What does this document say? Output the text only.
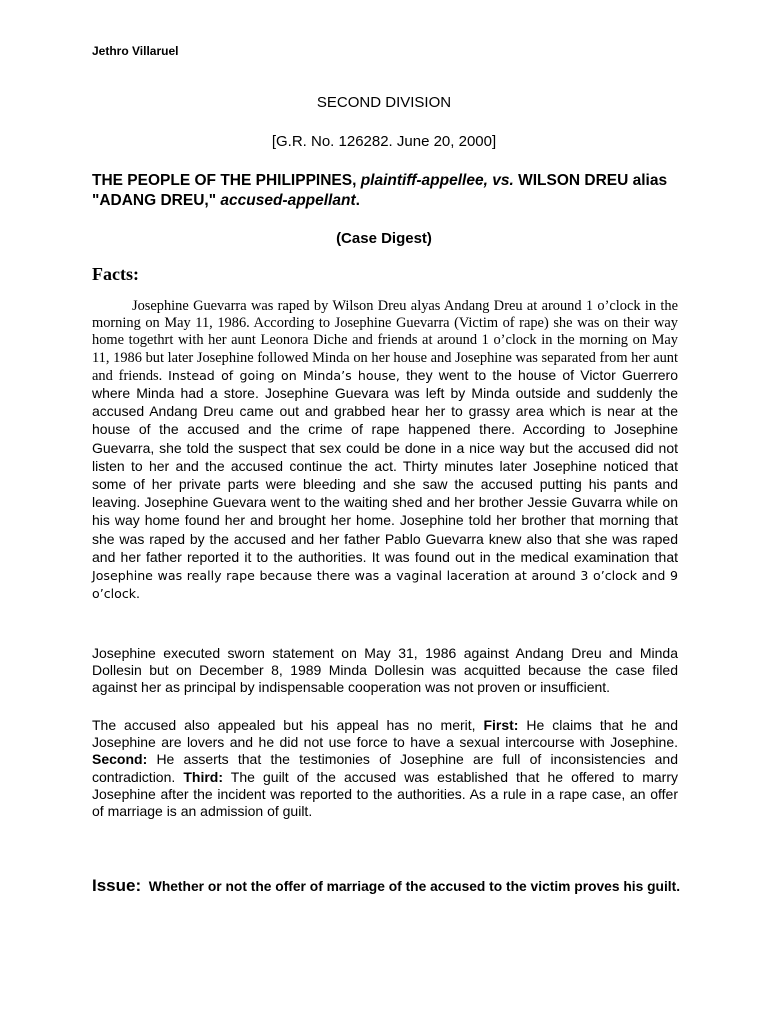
Jethro Villaruel
SECOND DIVISION
[G.R. No. 126282. June 20, 2000]
THE PEOPLE OF THE PHILIPPINES, plaintiff-appellee, vs. WILSON DREU alias "ADANG DREU," accused-appellant.
(Case Digest)
Facts:
Josephine Guevarra was raped by Wilson Dreu alyas Andang Dreu at around 1 o’clock in the morning on May 11, 1986. According to Josephine Guevarra (Victim of rape) she was on their way home togethrt with her aunt Leonora Diche and friends at around 1 o’clock in the morning on May 11, 1986 but later Josephine followed Minda on her house and Josephine was separated from her aunt and friends. Instead of going on Minda’s house, they went to the house of Victor Guerrero where Minda had a store. Josephine Guevara was left by Minda outside and suddenly the accused Andang Dreu came out and grabbed hear her to grassy area which is near at the house of the accused and the crime of rape happened there. According to Josephine Guevarra, she told the suspect that sex could be done in a nice way but the accused did not listen to her and the accused continue the act. Thirty minutes later Josephine noticed that some of her private parts were bleeding and she saw the accused putting his pants and leaving. Josephine Guevara went to the waiting shed and her brother Jessie Guvarra while on his way home found her and brought her home. Josephine told her brother that morning that she was raped by the accused and her father Pablo Guevarra knew also that she was raped and her father reported it to the authorities. It was found out in the medical examination that Josephine was really rape because there was a vaginal laceration at around 3 o’clock and 9 o’clock.
Josephine executed sworn statement on May 31, 1986 against Andang Dreu and Minda Dollesin but on December 8, 1989 Minda Dollesin was acquitted because the case filed against her as principal by indispensable cooperation was not proven or insufficient.
The accused also appealed but his appeal has no merit, First: He claims that he and Josephine are lovers and he did not use force to have a sexual intercourse with Josephine. Second: He asserts that the testimonies of Josephine are full of inconsistencies and contradiction. Third: The guilt of the accused was established that he offered to marry Josephine after the incident was reported to the authorities. As a rule in a rape case, an offer of marriage is an admission of guilt.
Issue:  Whether or not the offer of marriage of the accused to the victim proves his guilt.
